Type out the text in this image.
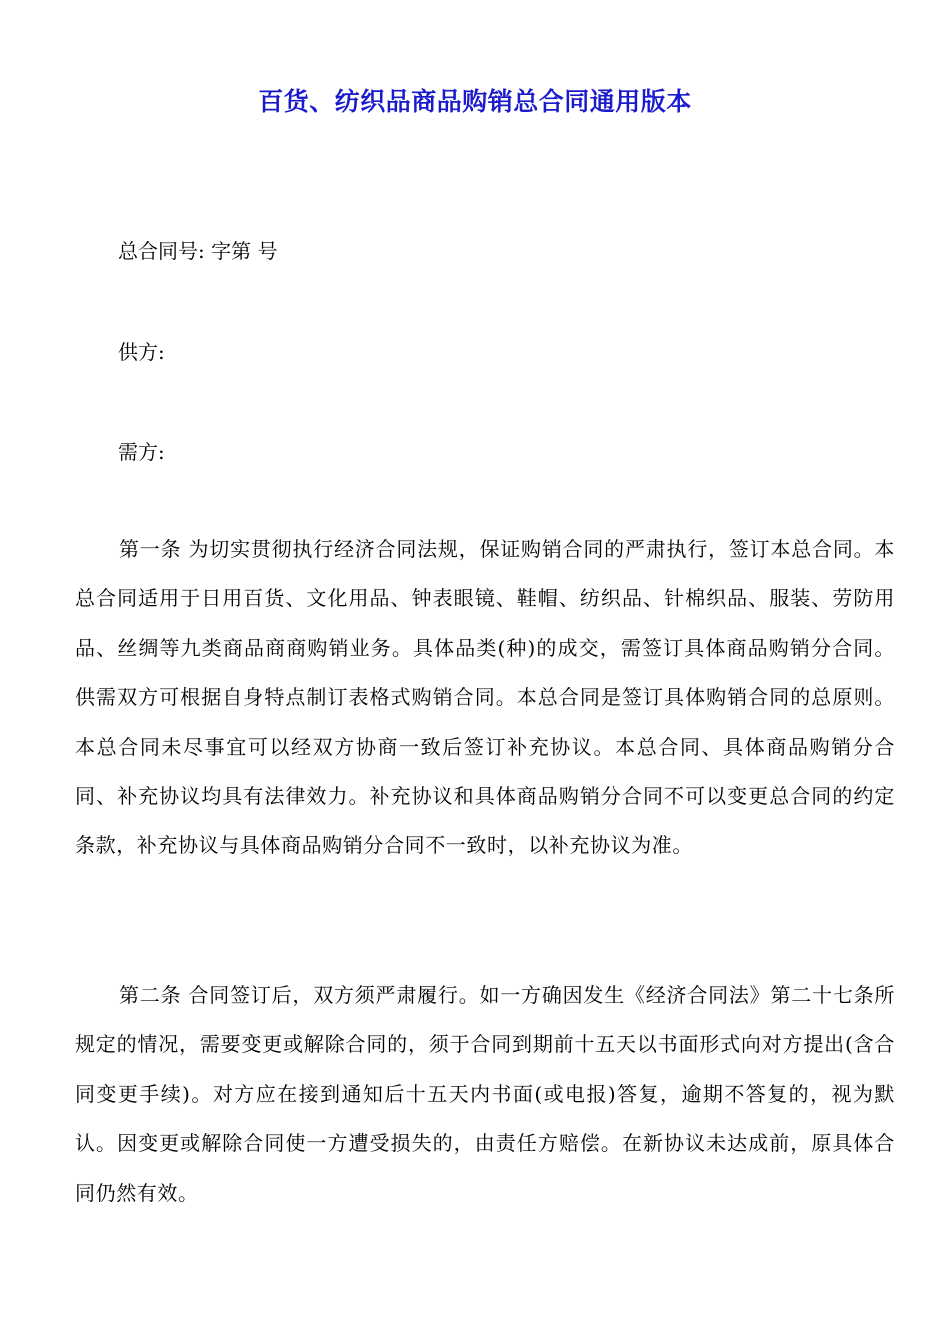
百货、纺织品商品购销总合同通用版本
总合同号: 字第 号
供方:
需方:
第一条 为切实贯彻执行经济合同法规，保证购销合同的严肃执行，签订本总合同。本总合同适用于日用百货、文化用品、钟表眼镜、鞋帽、纺织品、针棉织品、服装、劳防用品、丝绸等九类商品商商购销业务。具体品类(种)的成交，需签订具体商品购销分合同。供需双方可根据自身特点制订表格式购销合同。本总合同是签订具体购销合同的总原则。本总合同未尽事宜可以经双方协商一致后签订补充协议。本总合同、具体商品购销分合同、补充协议均具有法律效力。补充协议和具体商品购销分合同不可以变更总合同的约定条款，补充协议与具体商品购销分合同不一致时，以补充协议为准。
第二条 合同签订后，双方须严肃履行。如一方确因发生《经济合同法》第二十七条所规定的情况，需要变更或解除合同的，须于合同到期前十五天以书面形式向对方提出(含合同变更手续)。对方应在接到通知后十五天内书面(或电报)答复，逾期不答复的，视为默认。因变更或解除合同使一方遭受损失的，由责任方赔偿。在新协议未达成前，原具体合同仍然有效。
